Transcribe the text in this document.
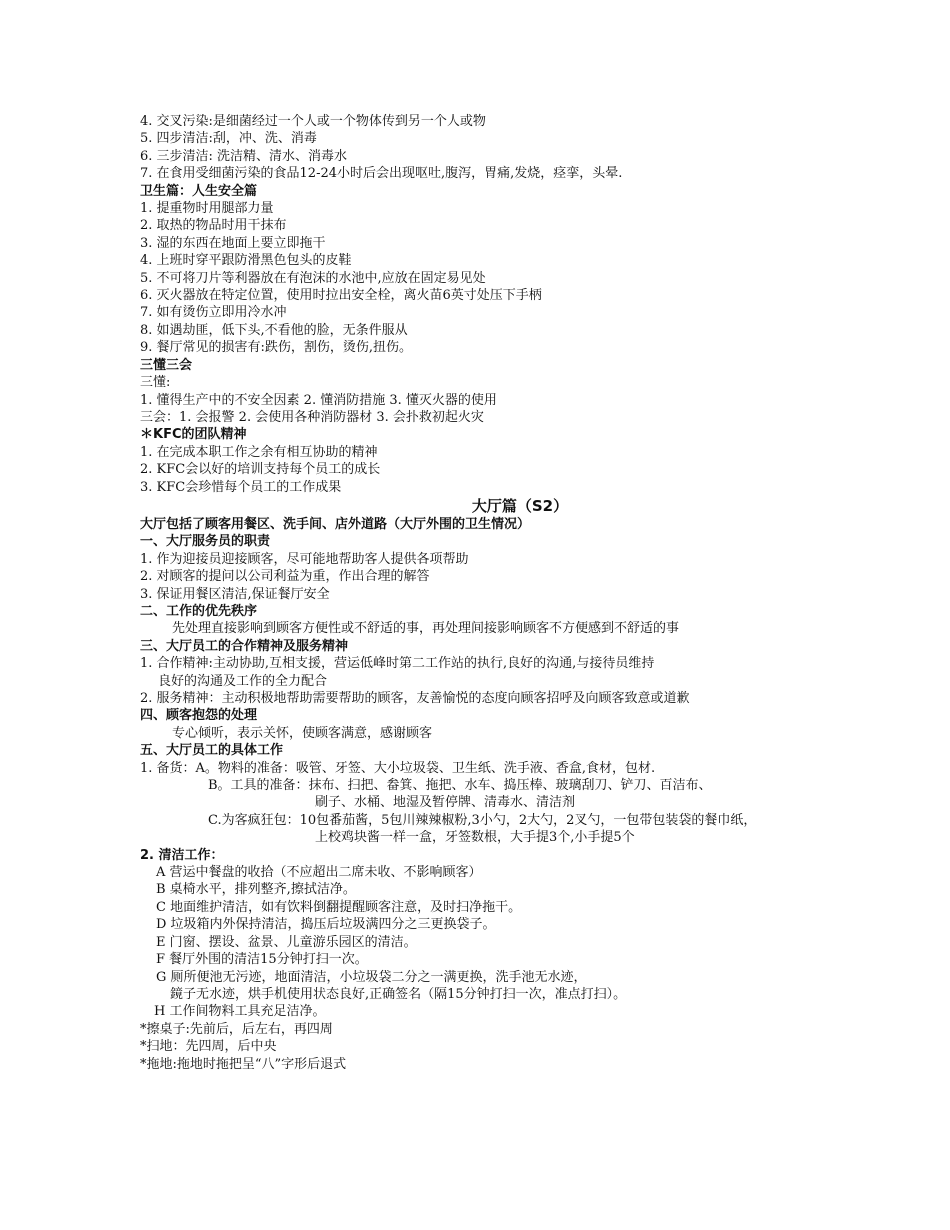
4. 交叉污染:是细菌经过一个人或一个物体传到另一个人或物
5. 四步清洁:刮，冲、洗、消毒
6. 三步清洁: 洗洁精、清水、消毒水
7. 在食用受细菌污染的食品12-24小时后会出现呕吐,腹泻，胃痛,发烧，痉挛，头晕.
卫生篇：人生安全篇
1. 提重物时用腿部力量
2. 取热的物品时用干抹布
3. 湿的东西在地面上要立即拖干
4. 上班时穿平跟防滑黑色包头的皮鞋
5. 不可将刀片等利器放在有泡沫的水池中,应放在固定易见处
6. 灭火器放在特定位置，使用时拉出安全栓，离火苗6英寸处压下手柄
7. 如有烫伤立即用冷水冲
8. 如遇劫匪，低下头,不看他的脸，无条件服从
9. 餐厅常见的损害有:跌伤，割伤，烫伤,扭伤。
三懂三会
三懂:
1. 懂得生产中的不安全因素 2. 懂消防措施 3. 懂灭火器的使用
三会：1. 会报警 2. 会使用各种消防器材 3. 会扑救初起火灾
＊KFC的团队精神
1. 在完成本职工作之余有相互协助的精神
2. KFC会以好的培训支持每个员工的成长
3. KFC会珍惜每个员工的工作成果
大厅篇（S2）
大厅包括了顾客用餐区、洗手间、店外道路（大厅外围的卫生情况）
一、大厅服务员的职责
1. 作为迎接员迎接顾客，尽可能地帮助客人提供各项帮助
2. 对顾客的提问以公司利益为重，作出合理的解答
3. 保证用餐区清洁,保证餐厅安全
二、工作的优先秩序
先处理直接影响到顾客方便性或不舒适的事，再处理间接影响顾客不方便感到不舒适的事
三、大厅员工的合作精神及服务精神
1. 合作精神:主动协助,互相支援，营运低峰时第二工作站的执行,良好的沟通,与接待员维持
良好的沟通及工作的全力配合
2. 服务精神：主动积极地帮助需要帮助的顾客，友善愉悦的态度向顾客招呼及向顾客致意或道歉
四、顾客抱怨的处理
专心倾听，表示关怀，使顾客满意，感谢顾客
五、大厅员工的具体工作
1. 备货：A。物料的准备：吸管、牙签、大小垃圾袋、卫生纸、洗手液、香盒,食材，包材.
B。工具的准备：抹布、扫把、畚箕、拖把、水车、捣压棒、玻璃刮刀、铲刀、百洁布、
刷子、水桶、地湿及暂停牌、清毒水、清洁剂
C.为客疯狂包：10包番茄酱，5包川辣辣椒粉,3小勺，2大勺，2叉勺，一包带包装袋的餐巾纸，
上校鸡块酱一样一盒，牙签数根，大手提3个,小手提5个
2. 清洁工作：
A 营运中餐盘的收拾（不应超出二席未收、不影响顾客）
B 桌椅水平，排列整齐,擦拭洁净。
C 地面维护清洁，如有饮料倒翻提醒顾客注意，及时扫净拖干。
D 垃圾箱内外保持清洁，捣压后垃圾满四分之三更换袋子。
E 门窗、摆设、盆景、儿童游乐园区的清洁。
F 餐厅外围的清洁15分钟打扫一次。
G 厕所便池无污迹，地面清洁，小垃圾袋二分之一满更换，洗手池无水迹，
鏡子无水迹，烘手机使用状态良好,正确签名（隔15分钟打扫一次，准点打扫）。
H 工作间物料工具充足洁净。
*擦桌子:先前后，后左右，再四周
*扫地：先四周，后中央
*拖地:拖地时拖把呈“八”字形后退式
